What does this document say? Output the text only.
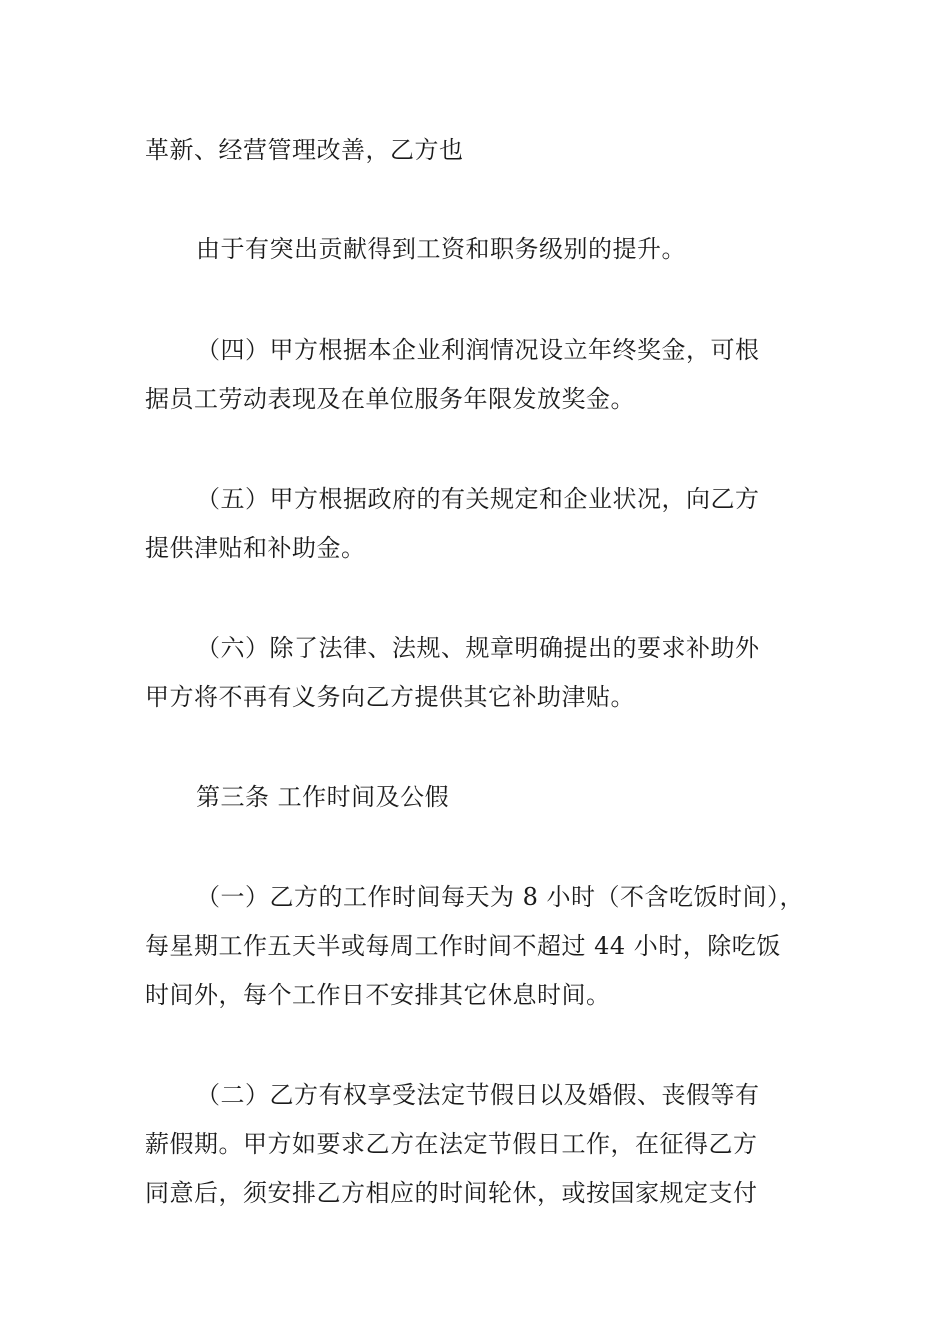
革新、经营管理改善，乙方也
由于有突出贡献得到工资和职务级别的提升。
（四）甲方根据本企业利润情况设立年终奖金，可根
据员工劳动表现及在单位服务年限发放奖金。
（五）甲方根据政府的有关规定和企业状况，向乙方
提供津贴和补助金。
（六）除了法律、法规、规章明确提出的要求补助外
甲方将不再有义务向乙方提供其它补助津贴。
第三条 工作时间及公假
（一）乙方的工作时间每天为 8 小时（不含吃饭时间），
每星期工作五天半或每周工作时间不超过 44 小时，除吃饭
时间外，每个工作日不安排其它休息时间。
（二）乙方有权享受法定节假日以及婚假、丧假等有
薪假期。甲方如要求乙方在法定节假日工作，在征得乙方
同意后，须安排乙方相应的时间轮休，或按国家规定支付
